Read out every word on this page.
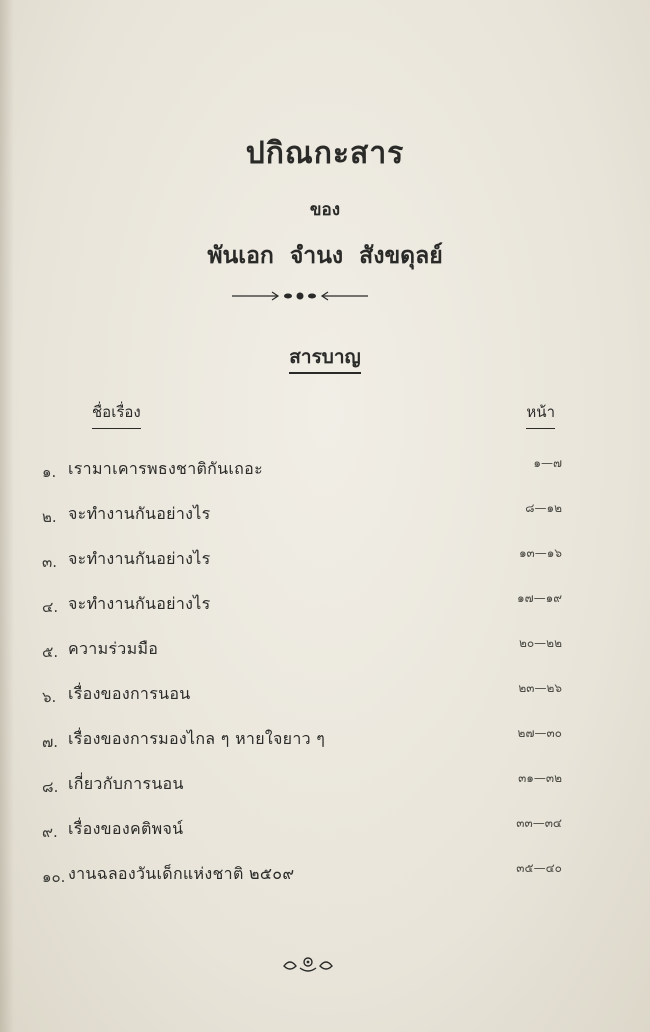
ปกิณกะสาร
ของ
พันเอก จำนง สังขดุลย์
สารบาญ
ชื่อเรื่อง	หน้า
๑. เรามาเคารพธงชาติกันเถอะ	๑—๗
๒. จะทำงานกันอย่างไร	๘—๑๒
๓. จะทำงานกันอย่างไร	๑๓—๑๖
๔. จะทำงานกันอย่างไร	๑๗—๑๙
๕. ความร่วมมือ	๒๐—๒๒
๖. เรื่องของการนอน	๒๓—๒๖
๗. เรื่องของการมองไกล ๆ หายใจยาว ๆ	๒๗—๓๐
๘. เกี่ยวกับการนอน	๓๑—๓๒
๙. เรื่องของคติพจน์	๓๓—๓๔
๑๐. งานฉลองวันเด็กแห่งชาติ ๒๕๐๙	๓๕—๔๐
